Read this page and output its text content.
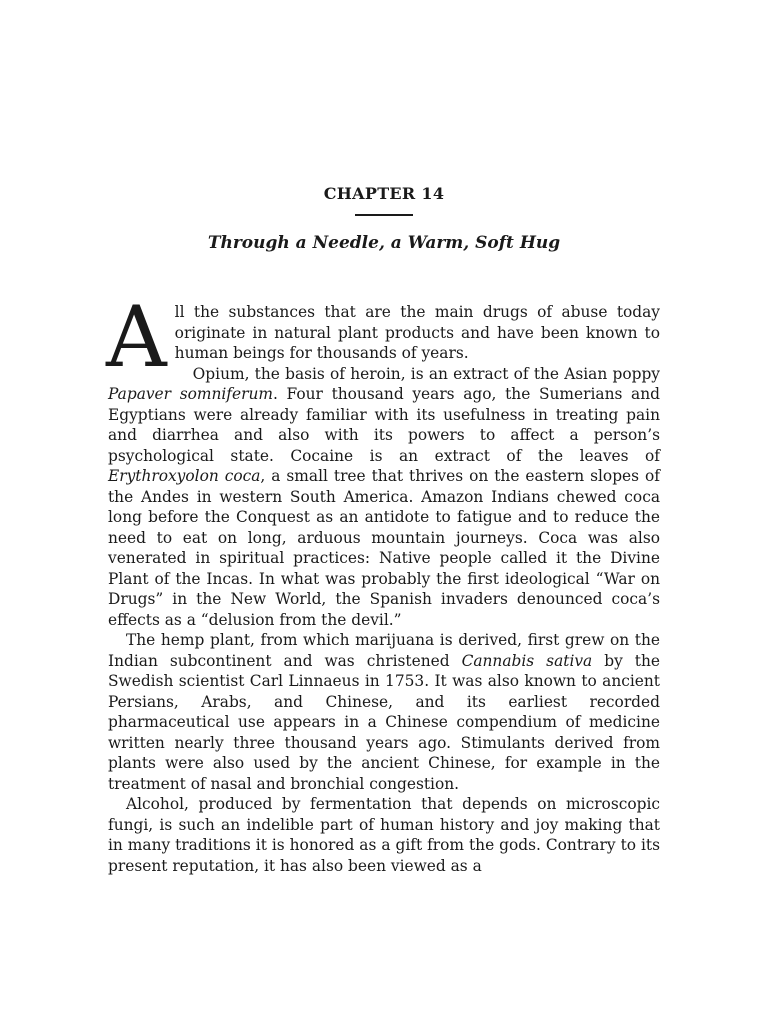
CHAPTER 14
Through a Needle, a Warm, Soft Hug

All the substances that are the main drugs of abuse today originate in natural plant products and have been known to human beings for thousands of years.

Opium, the basis of heroin, is an extract of the Asian poppy Papaver somniferum. Four thousand years ago, the Sumerians and Egyptians were already familiar with its usefulness in treating pain and diarrhea and also with its powers to affect a person’s psychological state. Cocaine is an extract of the leaves of Erythroxyolon coca, a small tree that thrives on the eastern slopes of the Andes in western South America. Amazon Indians chewed coca long before the Conquest as an antidote to fatigue and to reduce the need to eat on long, arduous mountain journeys. Coca was also venerated in spiritual practices: Native people called it the Divine Plant of the Incas. In what was probably the first ideological “War on Drugs” in the New World, the Spanish invaders denounced coca’s effects as a “delusion from the devil.”

The hemp plant, from which marijuana is derived, first grew on the Indian subcontinent and was christened Cannabis sativa by the Swedish scientist Carl Linnaeus in 1753. It was also known to ancient Persians, Arabs, and Chinese, and its earliest recorded pharmaceutical use appears in a Chinese compendium of medicine written nearly three thousand years ago. Stimulants derived from plants were also used by the ancient Chinese, for example in the treatment of nasal and bronchial congestion.

Alcohol, produced by fermentation that depends on microscopic fungi, is such an indelible part of human history and joy making that in many traditions it is honored as a gift from the gods. Contrary to its present reputation, it has also been viewed as a
